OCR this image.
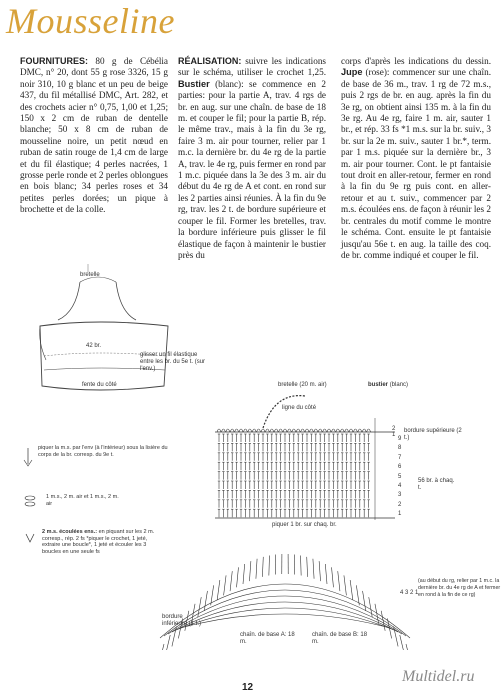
Mousseline
FOURNITURES: 80 g de Cébélia DMC, n° 20, dont 55 g rose 3326, 15 g noir 310, 10 g blanc et un peu de beige 437, du fil métallisé DMC, Art. 282, et des crochets acier n° 0,75, 1,00 et 1,25; 150 x 2 cm de ruban de dentelle blanche; 50 x 8 cm de ruban de mousseline noire, un petit nœud en ruban de satin rouge de 1,4 cm de large et du fil élastique; 4 perles nacrées, 1 grosse perle ronde et 2 perles oblongues en bois blanc; 34 perles roses et 34 petites perles dorées; un pique à brochette et de la colle.
RÉALISATION: suivre les indications sur le schéma, utiliser le crochet 1,25. Bustier (blanc): se commence en 2 parties: pour la partie A, trav. 4 rgs de br. en aug. sur une chaîn. de base de 18 m. et couper le fil; pour la partie B, rép. le même trav., mais à la fin du 3e rg, faire 3 m. air pour tourner, relier par 1 m.c. la dernière br. du 4e rg de la partie A, trav. le 4e rg, puis fermer en rond par 1 m.c. piquée dans la 3e des 3 m. air du début du 4e rg de A et cont. en rond sur les 2 parties ainsi réunies. À la fin du 9e rg, trav. les 2 t. de bordure supérieure et couper le fil. Former les bretelles, trav. la bordure inférieure puis glisser le fil élastique de façon à maintenir le bustier près du
corps d'après les indications du dessin. Jupe (rose): commencer sur une chaîn. de base de 36 m., trav. 1 rg de 72 m.s., puis 2 rgs de br. en aug. après la fin du 3e rg, on obtient ainsi 135 m. à la fin du 3e rg. Au 4e rg, faire 1 m. air, sauter 1 br., et rép. 33 fs *1 m.s. sur la br. suiv., 3 br. sur la 2e m. suiv., sauter 1 br.*, term. par 1 m.s. piquée sur la dernière br., 3 m. air pour tourner. Cont. le pt fantaisie tout droit en aller-retour, fermer en rond à la fin du 9e rg puis cont. en aller-retour et au t. suiv., commencer par 2 m.s. écoulées ens. de façon à réunir les 2 br. centrales du motif comme le montre le schéma. Cont. ensuite le pt fantaisie jusqu'au 56e t. en aug. la taille des coq. de br. comme indiqué et couper le fil.
bretelle
42 br.
glisser un fil élastique entre les br. du 5e t. (sur l'env.)
fente du côté	bustier (blanc)
bretelle (20 m. air)
ligne du côté
bordure supérieure (2 t.)
56 br. à chaq. t.
piquer 1 br. sur chaq. br.
9
8
7
6
5
4
3
2
1
2
1
piquer la m.s. par l'env (à l'intérieur) sous la lisière du corps de la br. corresp. du 9e t.
1 m.s., 2 m. air et 1 m.s., 2 m. air
2 m.s. écoulées ens.: en piquant sur les 2 m. corresp., rép. 2 fs *piquer le crochet, 1 jeté, extraire une boucle*, 1 jeté et écouler les 3 boucles en une seule fs
bordure inférieure (1 t.)
chaîn. de base A: 18 m.
chaîn. de base B: 18 m.
(au début du rg, relier par 1 m.c. la dernière br. du 4e rg de A et fermer en rond à la fin de ce rg)
4 3 2 1
12
Multidel.ru
